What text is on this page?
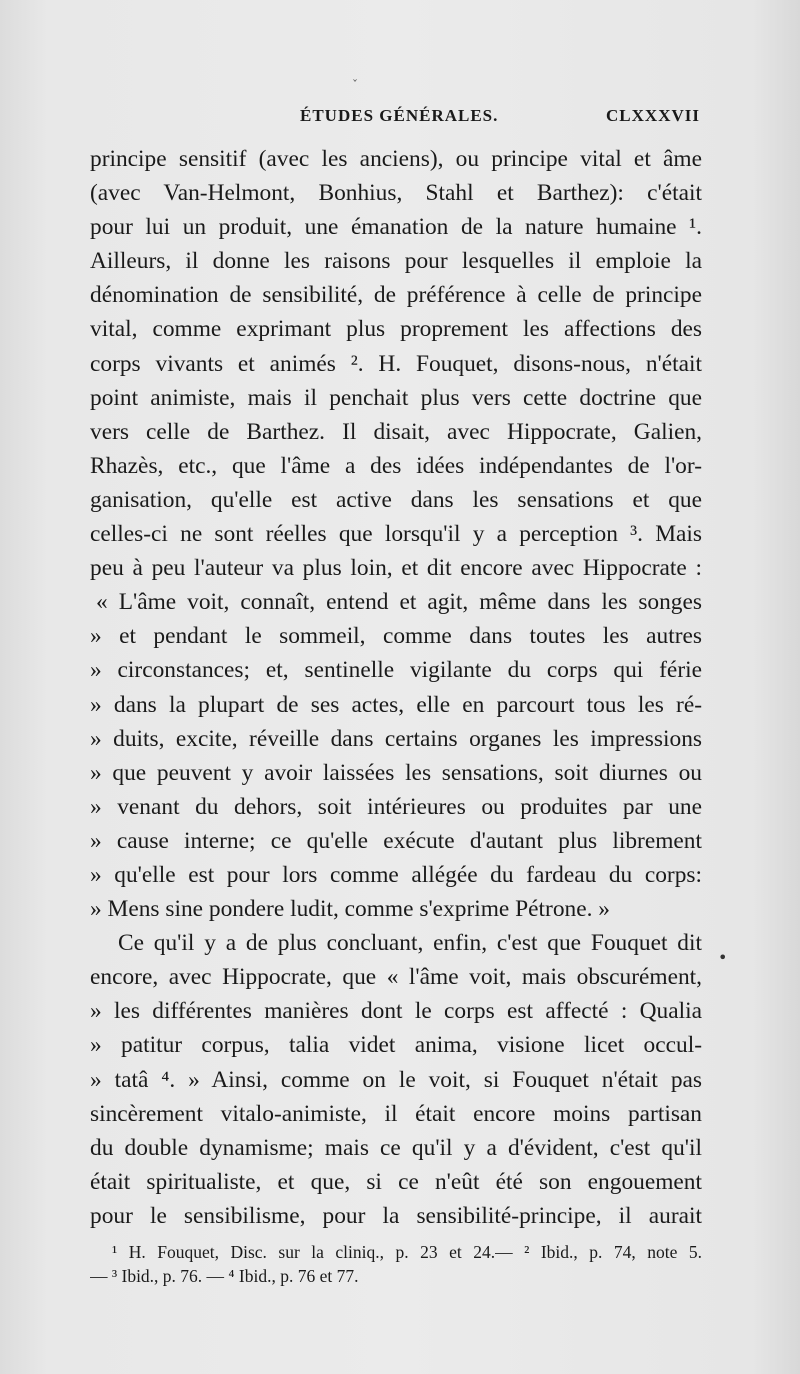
ˇ
ÉTUDES GÉNÉRALES.	CLXXXVII
principe sensitif (avec les anciens), ou principe vital et âme
(avec Van-Helmont, Bonhius, Stahl et Barthez): c'était
pour lui un produit, une émanation de la nature humaine ¹.
Ailleurs, il donne les raisons pour lesquelles il emploie la
dénomination de sensibilité, de préférence à celle de principe
vital, comme exprimant plus proprement les affections des
corps vivants et animés ². H. Fouquet, disons-nous, n'était
point animiste, mais il penchait plus vers cette doctrine que
vers celle de Barthez. Il disait, avec Hippocrate, Galien,
Rhazès, etc., que l'âme a des idées indépendantes de l'or-
ganisation, qu'elle est active dans les sensations et que
celles-ci ne sont réelles que lorsqu'il y a perception ³. Mais
peu à peu l'auteur va plus loin, et dit encore avec Hippocrate :
« L'âme voit, connaît, entend et agit, même dans les songes
» et pendant le sommeil, comme dans toutes les autres
» circonstances; et, sentinelle vigilante du corps qui férie
» dans la plupart de ses actes, elle en parcourt tous les ré-
» duits, excite, réveille dans certains organes les impressions
» que peuvent y avoir laissées les sensations, soit diurnes ou
» venant du dehors, soit intérieures ou produites par une
» cause interne; ce qu'elle exécute d'autant plus librement
» qu'elle est pour lors comme allégée du fardeau du corps:
» Mens sine pondere ludit, comme s'exprime Pétrone. »
Ce qu'il y a de plus concluant, enfin, c'est que Fouquet dit
encore, avec Hippocrate, que « l'âme voit, mais obscurément,
» les différentes manières dont le corps est affecté : Qualia
» patitur corpus, talia videt anima, visione licet occul-
» tatâ ⁴. » Ainsi, comme on le voit, si Fouquet n'était pas
sincèrement vitalo-animiste, il était encore moins partisan
du double dynamisme; mais ce qu'il y a d'évident, c'est qu'il
était spiritualiste, et que, si ce n'eût été son engouement
pour le sensibilisme, pour la sensibilité-principe, il aurait
•
¹ H. Fouquet, Disc. sur la cliniq., p. 23 et 24.— ² Ibid., p. 74, note 5.
— ³ Ibid., p. 76. — ⁴ Ibid., p. 76 et 77.
